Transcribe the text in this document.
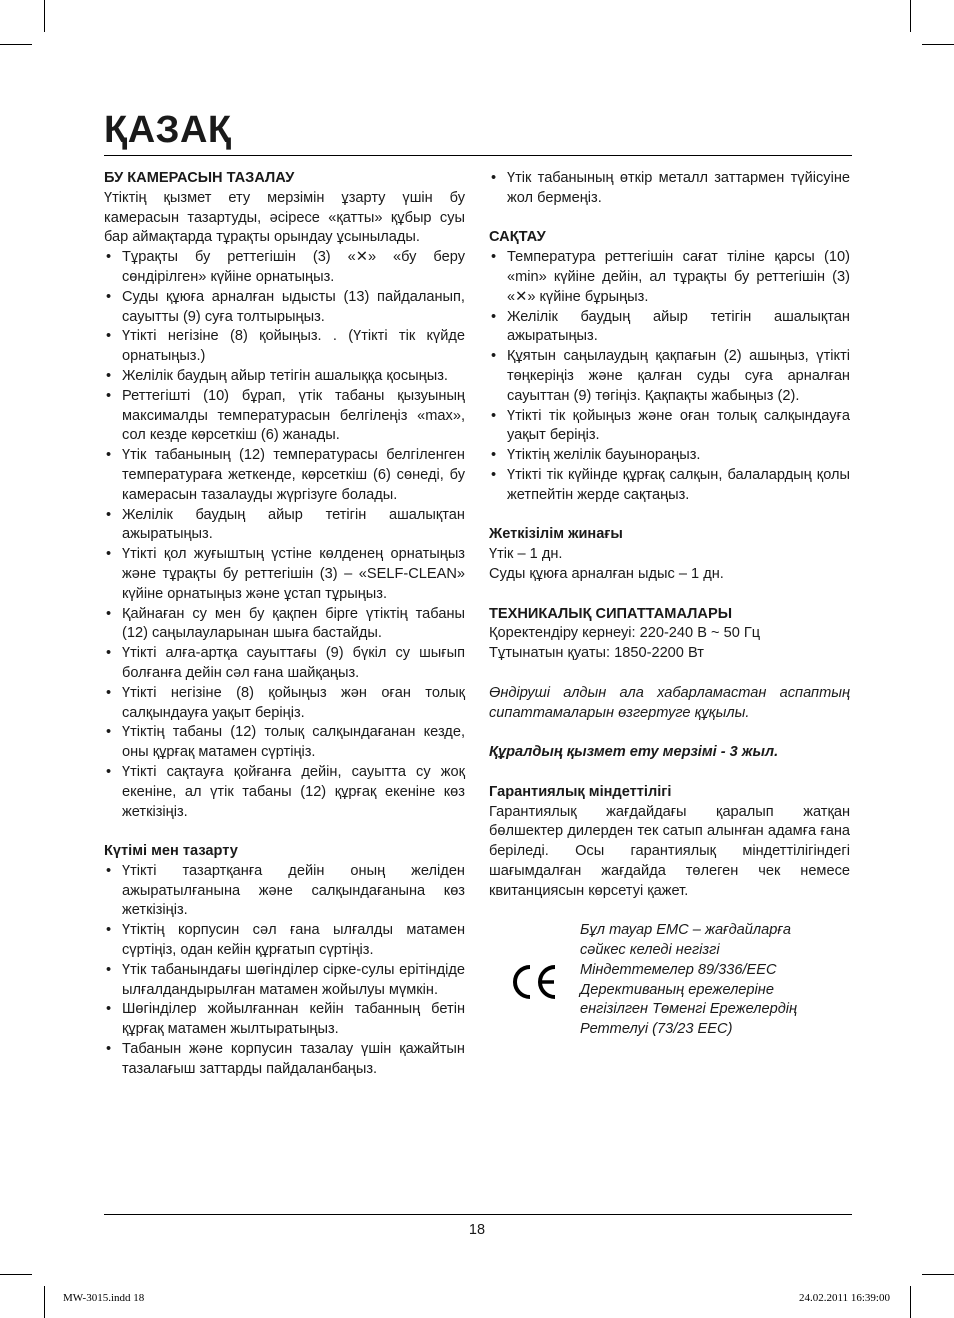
ҚАЗАҚ
БУ КАМЕРАСЫН ТАЗАЛАУ
Үтіктің қызмет ету мерзімін ұзарту үшін бу камерасын тазартуды, әсіресе «қатты» құбыр суы бар аймақтарда тұрақты орындау ұсынылады.
• Тұрақты бу реттегішін (3) «✕» «бу беру сөндірілген» күйіне орнатыңыз.
• Суды құюға арналған ыдысты (13) пайдаланып, сауытты (9) суға толтырыңыз.
• Үтікті негізіне (8) қойыңыз. . (Үтікті тік күйде орнатыңыз.)
• Желілік баудың айыр тетігін ашалыққа қосыңыз.
• Реттегішті (10) бұрап, үтік табаны қызуының максималды температурасын белгілеңіз «max», сол кезде көрсеткіш (6) жанады.
• Үтік табанының (12) температурасы белгіленген температураға жеткенде, көрсеткіш (6) сөнеді, бу камерасын тазалауды жүргізуге болады.
• Желілік баудың айыр тетігін ашалықтан ажыратыңыз.
• Үтікті қол жуғыштың үстіне көлденең орнатыңыз және тұрақты бу реттегішін (3) – «SELF-CLEAN» күйіне орнатыңыз және ұстап тұрыңыз.
• Қайнаған су мен бу қақпен бірге үтіктің табаны (12) саңылауларынан шыға бастайды.
• Үтікті алға-артқа сауыттағы (9) бүкіл су шығып болғанға дейін сәл ғана шайқаңыз.
• Үтікті негізіне (8) қойыңыз жән оған толық салқындауға уақыт беріңіз.
• Үтіктің табаны (12) толық салқындағанан кезде, оны құрғақ матамен сүртіңіз.
• Үтікті сақтауға қойғанға дейін, сауытта су жоқ екеніне, ал үтік табаны (12) құрғақ екеніне көз жеткізіңіз.
Күтімі мен тазарту
• Үтікті тазартқанға дейін оның желіден ажыратылғанына және салқындағанына көз жеткізіңіз.
• Үтіктің корпусин сәл ғана ылғалды матамен сүртіңіз, одан кейін құрғатып сүртіңіз.
• Үтік табанындағы шөгінділер сірке-сулы ерітіндіде ылғалдандырылған матамен жойылуы мүмкін.
• Шөгінділер жойылғаннан кейін табанның бетін құрғақ матамен жылтыратыңыз.
• Табанын және корпусин тазалау үшін қажайтын тазалағыш заттарды пайдаланбаңыз.
• Үтік табанының өткір металл заттармен түйісуіне жол бермеңіз.
САҚТАУ
• Температура реттегішін сағат тіліне қарсы (10) «min» күйіне дейін, ал тұрақты бу реттегішін (3) «✕» күйіне бұрыңыз.
• Желілік баудың айыр тетігін ашалықтан ажыратыңыз.
• Құятын саңылаудың қақпағын (2) ашыңыз, үтікті төңкеріңіз және қалған суды суға арналған сауыттан (9) төгіңіз. Қақпақты жабыңыз (2).
• Үтікті тік қойыңыз және оған толық салқындауға уақыт беріңіз.
• Үтіктің желілік бауынораңыз.
• Үтікті тік күйінде құрғақ салқын, балалардың қолы жетпейтін жерде сақтаңыз.
Жеткізілім жинағы
Үтік – 1 дн.
Суды құюға арналған ыдыс – 1 дн.
ТЕХНИКАЛЫҚ СИПАТТАМАЛАРЫ
Қоректендіру кернеуі: 220-240 В ~ 50 Гц
Тұтынатын қуаты: 1850-2200 Вт
Өндіруші алдын ала хабарламастан аспаптың сипаттамаларын өзгертуге құқылы.
Құралдың қызмет ету мерзімі - 3 жыл.
Гарантиялық міндеттілігі
Гарантиялық жағдайдағы қаралып жатқан бөлшектер дилерден тек сатып алынған адамға ғана беріледі. Осы гарантиялық міндеттілігіндегі шағымдалған жағдайда төлеген чек немесе квитанциясын көрсетуі қажет.
Бұл тауар ЕМС – жағдайларға
сәйкес келеді негізгі
Міндеттемелер 89/336/EEC
Дерективаның ережелеріне
енгізілген Төменгі Ережелердің
Реттелуі (73/23 EEC)
18
MW-3015.indd 18	24.02.2011 16:39:00
